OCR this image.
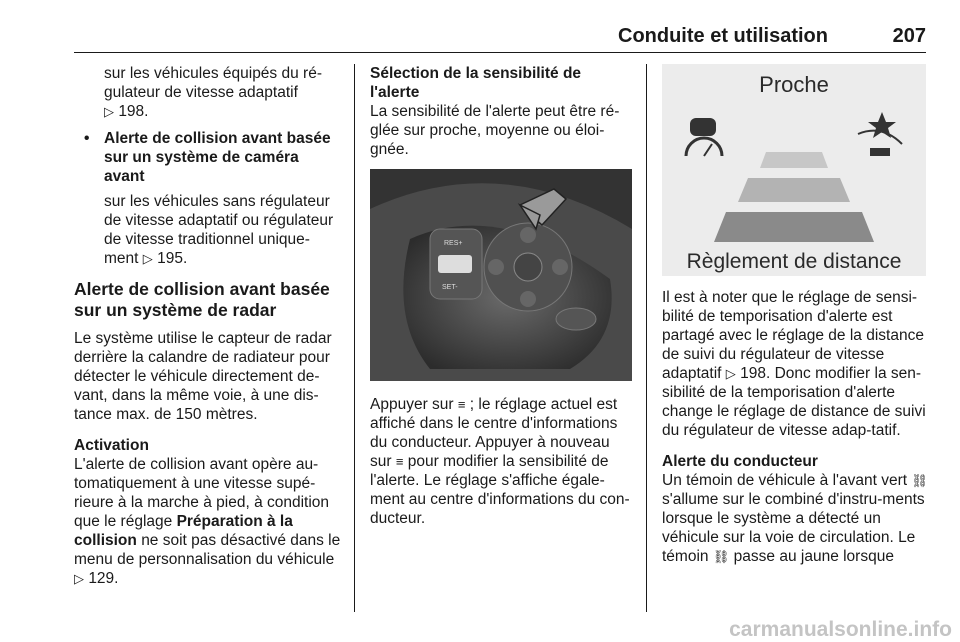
Conduite et utilisation	207

sur les véhicules équipés du ré-gulateur de vitesse adaptatif
▷ 198.

• Alerte de collision avant basée sur un système de caméra avant

sur les véhicules sans régulateur de vitesse adaptatif ou régulateur de vitesse traditionnel unique-ment ▷ 195.

Alerte de collision avant basée sur un système de radar

Le système utilise le capteur de radar derrière la calandre de radiateur pour détecter le véhicule directement de-vant, dans la même voie, à une dis-tance max. de 150 mètres.

Activation

L'alerte de collision avant opère au-tomatiquement à une vitesse supé-rieure à la marche à pied, à condition que le réglage Préparation à la collision ne soit pas désactivé dans le menu de personnalisation du véhicule ▷ 129.

Sélection de la sensibilité de l'alerte

La sensibilité de l'alerte peut être ré-glée sur proche, moyenne ou éloi-gnée.

RES+
SET-

Appuyer sur ≡ ; le réglage actuel est affiché dans le centre d'informations du conducteur. Appuyer à nouveau sur ≡ pour modifier la sensibilité de l'alerte. Le réglage s'affiche égale-ment au centre d'informations du con-ducteur.

Proche
Règlement de distance

Il est à noter que le réglage de sensi-bilité de temporisation d'alerte est partagé avec le réglage de la distance de suivi du régulateur de vitesse adaptatif ▷ 198. Donc modifier la sen-sibilité de la temporisation d'alerte change le réglage de distance de suivi du régulateur de vitesse adap-tatif.

Alerte du conducteur

Un témoin de véhicule à l'avant vert ⛓ s'allume sur le combiné d'instru-ments lorsque le système a détecté un véhicule sur la voie de circulation. Le témoin ⛓ passe au jaune lorsque

carmanualsonline.info
